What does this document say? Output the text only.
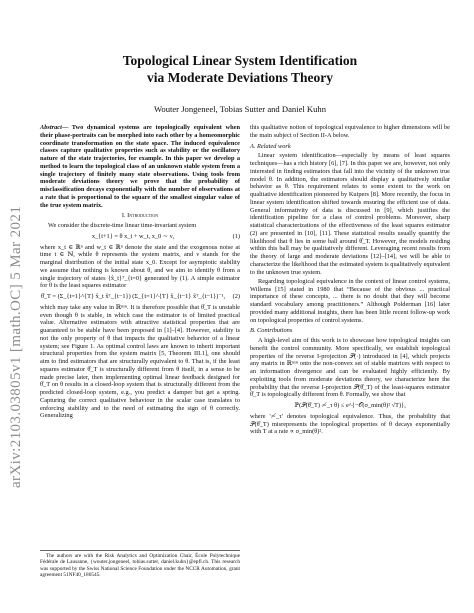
arXiv:2103.03805v1 [math.OC] 5 Mar 2021
Topological Linear System Identification
via Moderate Deviations Theory
Wouter Jongeneel, Tobias Sutter and Daniel Kuhn

Abstract— Two dynamical systems are topologically equivalent when their phase-portraits can be morphed into each other by a homeomorphic coordinate transformation on the state space. The induced equivalence classes capture qualitative properties such as stability or the oscillatory nature of the state trajectories, for example. In this paper we develop a method to learn the topological class of an unknown stable system from a single trajectory of finitely many state observations. Using tools from moderate deviations theory we prove that the probability of misclassification decays exponentially with the number of observations at a rate that is proportional to the square of the smallest singular value of the true system matrix.

I. Introduction

We consider the discrete-time linear time-invariant system

x_{t+1} = θ x_t + w_t, x_0 ∼ ν,	(1)

where x_t ∈ ℝⁿ and w_t ∈ ℝⁿ denote the state and the exogenous noise at time t ∈ ℕ, while θ represents the system matrix, and ν stands for the marginal distribution of the initial state x_0. Except for asymptotic stability we assume that nothing is known about θ, and we aim to identify θ from a single trajectory of states {x̂_t}ᵀ_{t=0} generated by (1). A simple estimator for θ is the least squares estimator

θ̂_T = (Σ_{t=1}^{T} x̂_t x̂ᵀ_{t−1}) (Σ_{t=1}^{T} x̂_{t−1} x̂ᵀ_{t−1})⁻¹,	(2)

which may take any value in ℝⁿˣⁿ. It is therefore possible that θ̂_T is unstable even though θ is stable, in which case the estimator is of limited practical value. Alternative estimators with attractive statistical properties that are guaranteed to be stable have been proposed in [1]–[4]. However, stability is not the only property of θ that impacts the qualitative behavior of a linear system; see Figure 1. As optimal control laws are known to inherit important structural properties from the system matrix [5, Theorem III.1], one should aim to find estimators that are structurally equivalent to θ. That is, if the least squares estimator θ̂_T is structurally different from θ itself, in a sense to be made precise later, then implementing optimal linear feedback designed for θ̂_T on θ results in a closed-loop system that is structurally different from the predicted closed-loop system, e.g., you predict a damper but get a spring. Capturing the correct qualitative behaviour in the scalar case translates to enforcing stability and to the need of estimating the sign of θ correctly. Generalizing

The authors are with the Risk Analytics and Optimization Chair, École Polytechnique Fédérale de Lausanne, {wouter.jongeneel, tobias.sutter, daniel.kuhn}@epfl.ch. This research was supported by the Swiss National Science Foundation under the NCCR Automation, grant agreement 51NF40_180545.

this qualitative notion of topological equivalence to higher dimensions will be the main subject of Section II-A below.

A. Related work

Linear system identification—especially by means of least squares techniques—has a rich history [6], [7]. In this paper we are, however, not only interested in finding estimators that fall into the vicinity of the unknown true model θ. In addition, the estimators should display a qualitatively similar behavior as θ. This requirement relates to some extent to the work on qualitative identification pioneered by Kuipers [8]. More recently, the focus in linear system identification shifted towards ensuring the efficient use of data. General informativity of data is discussed in [9], which justifies the identification pipeline for a class of control problems. Moreover, sharp statistical characterizations of the effectiveness of the least squares estimator (2) are presented in [10], [11]. These statistical results usually quantify the likelihood that θ lies in some ball around θ̂_T. However, the models residing within this ball may be qualitatively different. Leveraging recent results from the theory of large and moderate deviations [12]–[14], we will be able to characterize the likelihood that the estimated system is qualitatively equivalent to the unknown true system.

Regarding topological equivalence in the context of linear control systems, Willems [15] stated in 1980 that “Because of the obvious ... practical importance of these concepts, ... there is no doubt that they will become standard vocabulary among practitioners.” Although Polderman [16] later provided many additional insights, there has been little recent follow-up work on topological properties of control systems.

B. Contributions

A high-level aim of this work is to showcase how topological insights can benefit the control community. More specifically, we establish topological properties of the reverse I-projection 𝒫(·) introduced in [4], which projects any matrix in ℝⁿˣⁿ onto the non-convex set of stable matrices with respect to an information divergence and can be evaluated highly efficiently. By exploiting tools from moderate deviations theory, we characterize here the probability that the reverse I-projection 𝒫(θ̂_T) of the least-squares estimator θ̂_T is topologically different from θ. Formally, we show that

ℙ(𝒫(θ̂_T) ≁_τ θ) ≤ e^{−𝒪(σ_min(θ)² √T)},

where '≁_τ' denotes topological equivalence. Thus, the probability that 𝒫(θ̂_T) misrepresents the topological properties of θ decays exponentially with T at a rate ∝ σ_min(θ)².
